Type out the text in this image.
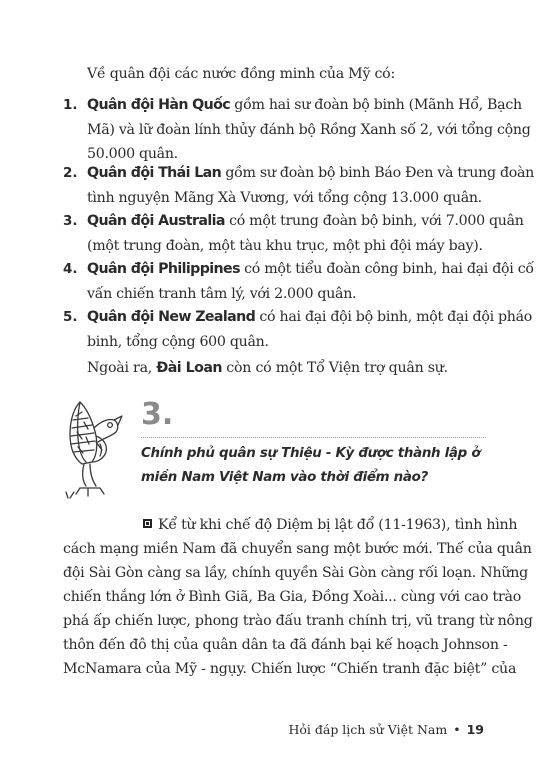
Về quân đội các nước đồng minh của Mỹ có:
1. Quân đội Hàn Quốc gồm hai sư đoàn bộ binh (Mãnh Hổ, Bạch
Mã) và lữ đoàn lính thủy đánh bộ Rồng Xanh số 2, với tổng cộng
50.000 quân.
2. Quân đội Thái Lan gồm sư đoàn bộ binh Báo Đen và trung đoàn
tình nguyện Mãng Xà Vương, với tổng cộng 13.000 quân.
3. Quân đội Australia có một trung đoàn bộ binh, với 7.000 quân
(một trung đoàn, một tàu khu trục, một phi đội máy bay).
4. Quân đội Philippines có một tiểu đoàn công binh, hai đại đội cố
vấn chiến tranh tâm lý, với 2.000 quân.
5. Quân đội New Zealand có hai đại đội bộ binh, một đại đội pháo
binh, tổng cộng 600 quân.
Ngoài ra, Đài Loan còn có một Tổ Viện trợ quân sự.
3.
Chính phủ quân sự Thiệu - Kỳ được thành lập ở
miền Nam Việt Nam vào thời điểm nào?
Kể từ khi chế độ Diệm bị lật đổ (11-1963), tình hình
cách mạng miền Nam đã chuyển sang một bước mới. Thế của quân
đội Sài Gòn càng sa lầy, chính quyền Sài Gòn càng rối loạn. Những
chiến thắng lớn ở Bình Giã, Ba Gia, Đồng Xoài... cùng với cao trào
phá ấp chiến lược, phong trào đấu tranh chính trị, vũ trang từ nông
thôn đến đô thị của quân dân ta đã đánh bại kế hoạch Johnson -
McNamara của Mỹ - ngụy. Chiến lược “Chiến tranh đặc biệt” của
Hỏi đáp lịch sử Việt Nam • 19
